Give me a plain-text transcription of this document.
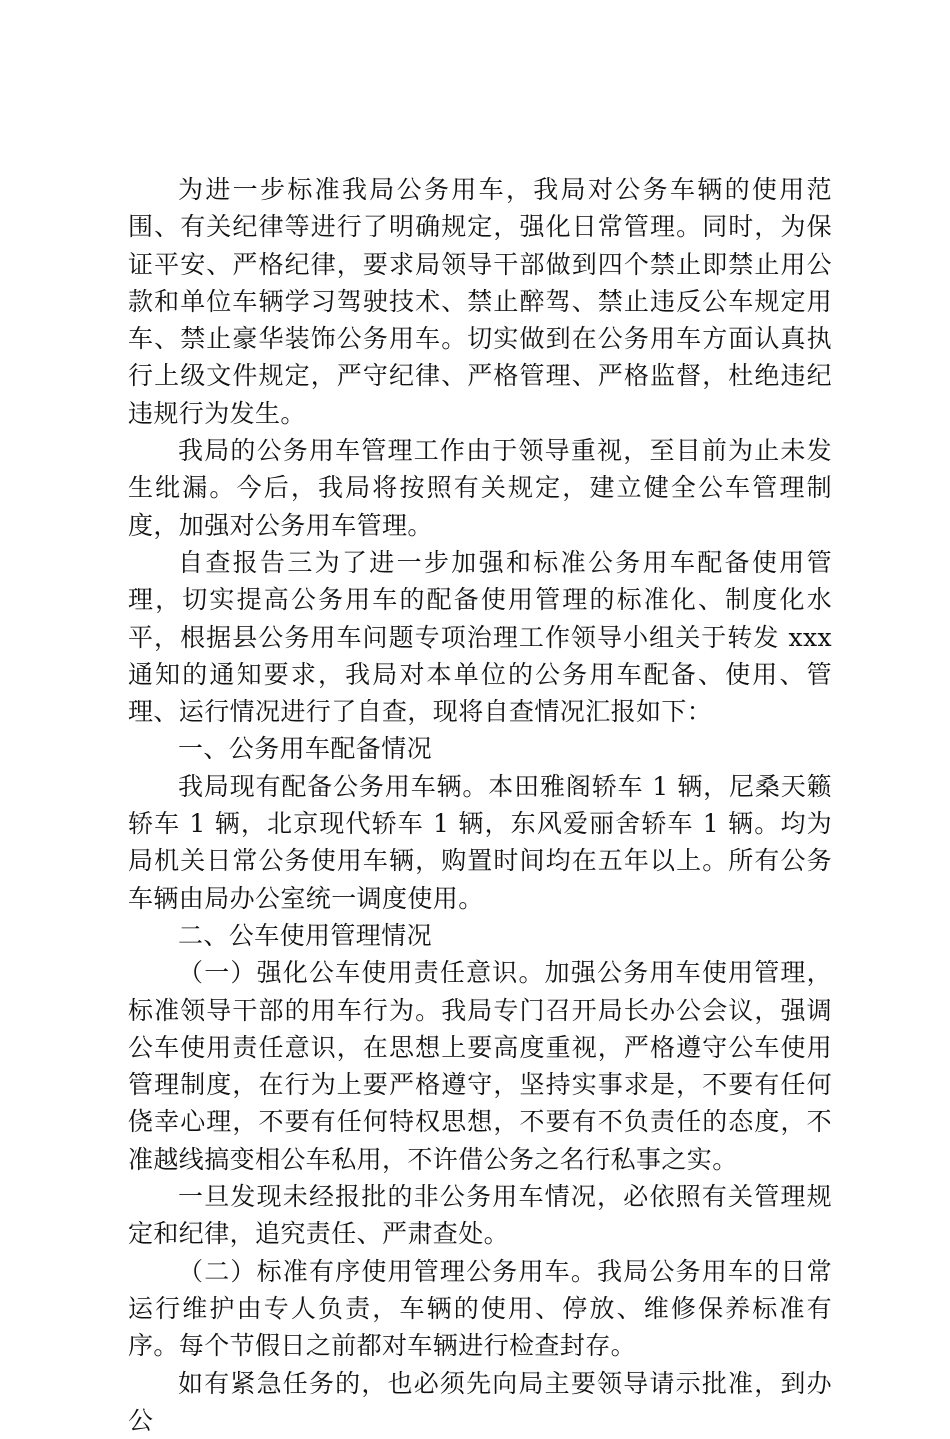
为进一步标准我局公务用车，我局对公务车辆的使用范围、有关纪律等进行了明确规定，强化日常管理。同时，为保证平安、严格纪律，要求局领导干部做到四个禁止即禁止用公款和单位车辆学习驾驶技术、禁止醉驾、禁止违反公车规定用车、禁止豪华装饰公务用车。切实做到在公务用车方面认真执行上级文件规定，严守纪律、严格管理、严格监督，杜绝违纪违规行为发生。

我局的公务用车管理工作由于领导重视，至目前为止未发生纰漏。今后，我局将按照有关规定，建立健全公车管理制度，加强对公务用车管理。

自查报告三为了进一步加强和标准公务用车配备使用管理，切实提高公务用车的配备使用管理的标准化、制度化水平，根据县公务用车问题专项治理工作领导小组关于转发 xxx 通知的通知要求，我局对本单位的公务用车配备、使用、管理、运行情况进行了自查，现将自查情况汇报如下：

一、公务用车配备情况

我局现有配备公务用车辆。本田雅阁轿车 1 辆，尼桑天籁轿车 1 辆，北京现代轿车 1 辆，东风爱丽舍轿车 1 辆。均为局机关日常公务使用车辆，购置时间均在五年以上。所有公务车辆由局办公室统一调度使用。

二、公车使用管理情况

（一）强化公车使用责任意识。加强公务用车使用管理，标准领导干部的用车行为。我局专门召开局长办公会议，强调公车使用责任意识，在思想上要高度重视，严格遵守公车使用管理制度，在行为上要严格遵守，坚持实事求是，不要有任何侥幸心理，不要有任何特权思想，不要有不负责任的态度，不准越线搞变相公车私用，不许借公务之名行私事之实。

一旦发现未经报批的非公务用车情况，必依照有关管理规定和纪律，追究责任、严肃查处。

（二）标准有序使用管理公务用车。我局公务用车的日常运行维护由专人负责，车辆的使用、停放、维修保养标准有序。每个节假日之前都对车辆进行检查封存。

如有紧急任务的，也必须先向局主要领导请示批准，到办公
